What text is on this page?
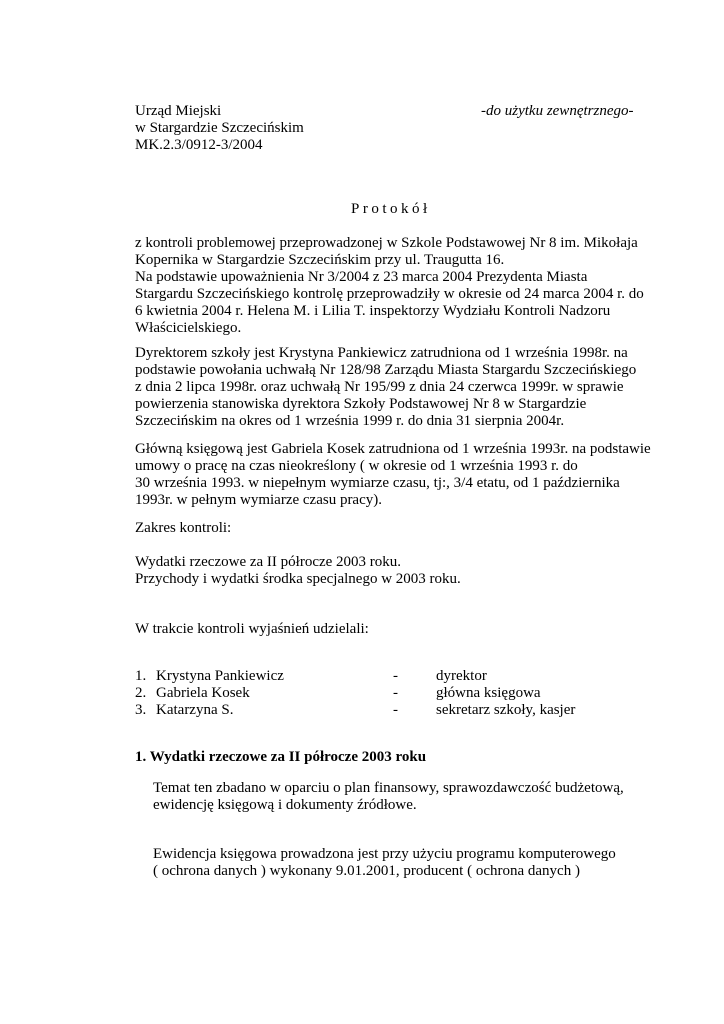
Urząd Miejski
w Stargardzie Szczecińskim
MK.2.3/0912-3/2004
-do użytku zewnętrznego-
Protokół
z kontroli problemowej przeprowadzonej w Szkole Podstawowej Nr 8 im. Mikołaja
Kopernika w Stargardzie Szczecińskim przy ul. Traugutta 16.
Na podstawie upoważnienia Nr 3/2004 z 23 marca 2004 Prezydenta Miasta
Stargardu Szczecińskiego kontrolę przeprowadziły w okresie od 24 marca 2004 r. do
6 kwietnia 2004 r. Helena M. i Lilia T. inspektorzy Wydziału Kontroli Nadzoru
Właścicielskiego.
Dyrektorem szkoły jest Krystyna Pankiewicz zatrudniona od 1 września 1998r. na
podstawie powołania uchwałą Nr 128/98 Zarządu Miasta Stargardu Szczecińskiego
z dnia 2 lipca 1998r. oraz uchwałą Nr 195/99 z dnia 24 czerwca 1999r. w sprawie
powierzenia stanowiska dyrektora Szkoły Podstawowej Nr 8 w Stargardzie
Szczecińskim na okres od 1 września 1999 r. do dnia 31 sierpnia 2004r.
Główną księgową jest Gabriela Kosek zatrudniona od 1 września 1993r. na podstawie
umowy o pracę na czas nieokreślony ( w okresie od 1 września 1993 r. do
30 września 1993. w niepełnym wymiarze czasu, tj:, 3/4 etatu, od 1 października
1993r. w pełnym wymiarze czasu pracy).
Zakres kontroli:
Wydatki rzeczowe za II półrocze 2003 roku.
Przychody i wydatki środka specjalnego w 2003 roku.
W trakcie kontroli wyjaśnień udzielali:
1. Krystyna Pankiewicz	-	dyrektor
2. Gabriela Kosek	-	główna księgowa
3. Katarzyna S.	-	sekretarz szkoły, kasjer
1. Wydatki rzeczowe za II półrocze 2003 roku
Temat ten zbadano w oparciu o plan finansowy, sprawozdawczość budżetową,
ewidencję księgową i dokumenty źródłowe.
Ewidencja księgowa prowadzona jest przy użyciu programu komputerowego
( ochrona danych ) wykonany 9.01.2001, producent ( ochrona danych )
